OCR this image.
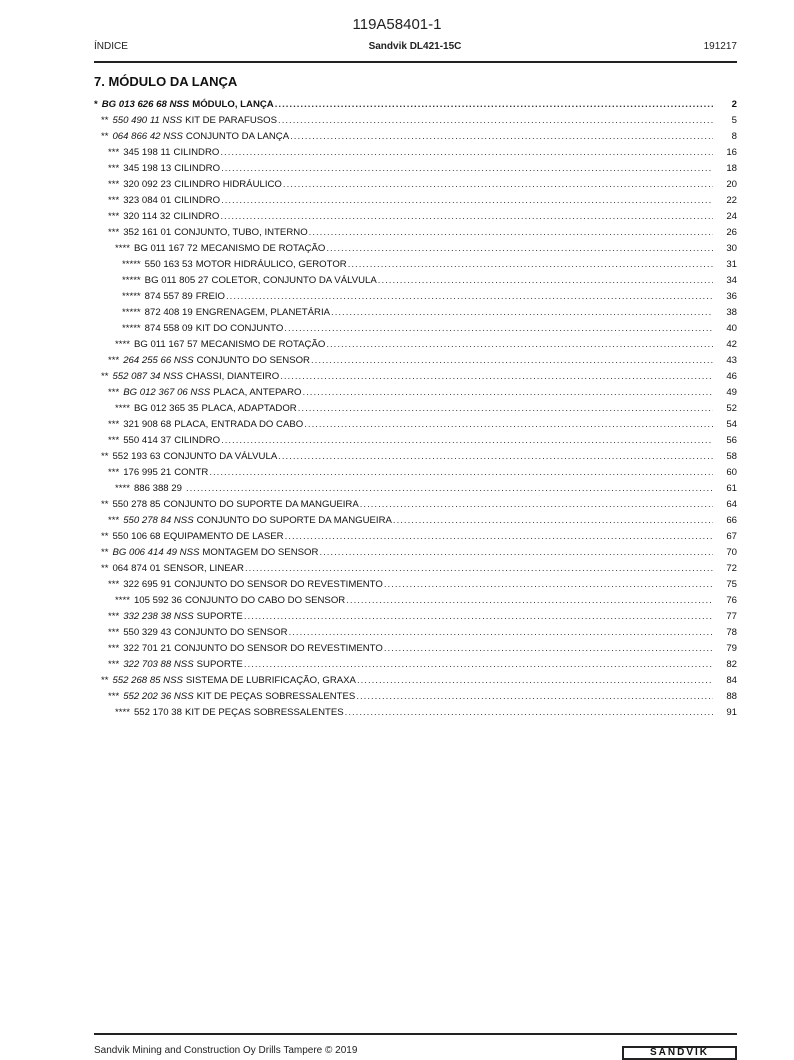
119A58401-1
ÍNDICE	Sandvik DL421-15C	191217
7. MÓDULO DA LANÇA
* BG 013 626 68 NSS MÓDULO, LANÇA .....	2
** 550 490 11 NSS KIT DE PARAFUSOS .....	5
** 064 866 42 NSS CONJUNTO DA LANÇA .....	8
*** 345 198 11 CILINDRO .....	16
*** 345 198 13 CILINDRO .....	18
*** 320 092 23 CILINDRO HIDRÁULICO .....	20
*** 323 084 01 CILINDRO .....	22
*** 320 114 32 CILINDRO .....	24
*** 352 161 01 CONJUNTO, TUBO, INTERNO .....	26
**** BG 011 167 72 MECANISMO DE ROTAÇÃO .....	30
***** 550 163 53 MOTOR HIDRÁULICO, GEROTOR .....	31
***** BG 011 805 27 COLETOR, CONJUNTO DA VÁLVULA .....	34
***** 874 557 89 FREIO .....	36
***** 872 408 19 ENGRENAGEM, PLANETÁRIA .....	38
***** 874 558 09 KIT DO CONJUNTO .....	40
**** BG 011 167 57 MECANISMO DE ROTAÇÃO .....	42
*** 264 255 66 NSS CONJUNTO DO SENSOR .....	43
** 552 087 34 NSS CHASSI, DIANTEIRO .....	46
*** BG 012 367 06 NSS PLACA, ANTEPARO .....	49
**** BG 012 365 35 PLACA, ADAPTADOR .....	52
*** 321 908 68 PLACA, ENTRADA DO CABO .....	54
*** 550 414 37 CILINDRO .....	56
** 552 193 63 CONJUNTO DA VÁLVULA .....	58
*** 176 995 21 CONTR .....	60
**** 886 388 29 .....	61
** 550 278 85 CONJUNTO DO SUPORTE DA MANGUEIRA .....	64
*** 550 278 84 NSS CONJUNTO DO SUPORTE DA MANGUEIRA .....	66
** 550 106 68 EQUIPAMENTO DE LASER .....	67
** BG 006 414 49 NSS MONTAGEM DO SENSOR .....	70
** 064 874 01 SENSOR, LINEAR .....	72
*** 322 695 91 CONJUNTO DO SENSOR DO REVESTIMENTO .....	75
**** 105 592 36 CONJUNTO DO CABO DO SENSOR .....	76
*** 332 238 38 NSS SUPORTE .....	77
*** 550 329 43 CONJUNTO DO SENSOR .....	78
*** 322 701 21 CONJUNTO DO SENSOR DO REVESTIMENTO .....	79
*** 322 703 88 NSS SUPORTE .....	82
** 552 268 85 NSS SISTEMA DE LUBRIFICAÇÃO, GRAXA .....	84
*** 552 202 36 NSS KIT DE PEÇAS SOBRESSALENTES .....	88
**** 552 170 38 KIT DE PEÇAS SOBRESSALENTES .....	91
Sandvik Mining and Construction Oy Drills Tampere © 2019	SANDVIK
